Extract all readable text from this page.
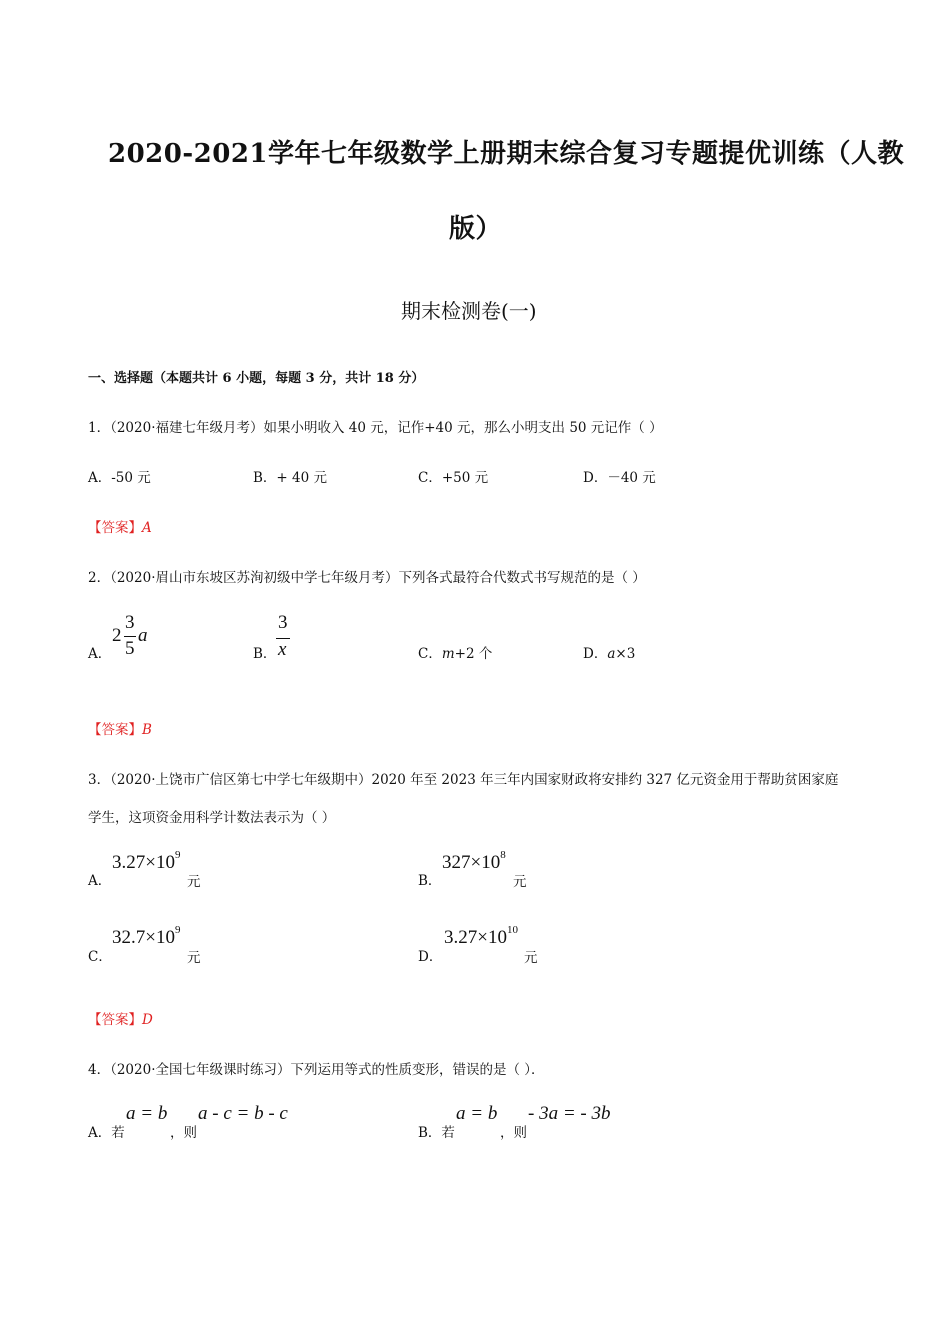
2020-2021学年七年级数学上册期末综合复习专题提优训练（人教
版）
期末检测卷(一)
一、选择题（本题共计 6 小题，每题 3 分，共计 18 分）
1．（2020·福建七年级月考）如果小明收入 40 元，记作+40 元，那么小明支出 50 元记作（ ）
A．-50 元	B．+ 40 元	C．+50 元	D．－40 元
【答案】A
2．（2020·眉山市东坡区苏洵初级中学七年级月考）下列各式最符合代数式书写规范的是（ ）
A．
2
3
5
a
B．
3
x	C．m+2 个	D．a×3
【答案】B
3．（2020·上饶市广信区第七中学七年级期中）2020 年至 2023 年三年内国家财政将安排约 327 亿元资金用于帮助贫困家庭
学生，这项资金用科学计数法表示为（ ）
A．
$3.27\times 10^9$
元	B．
$327\times 10^8$
元
C．
$32.7\times 10^9$
元	D．
$3.27\times 10^{10}$
元
【答案】D
4．（2020·全国七年级课时练习）下列运用等式的性质变形，错误的是（ ）．
A．若
a = b
，则
a - c = b - c
B．若
a = b
，则
- 3a = - 3b
